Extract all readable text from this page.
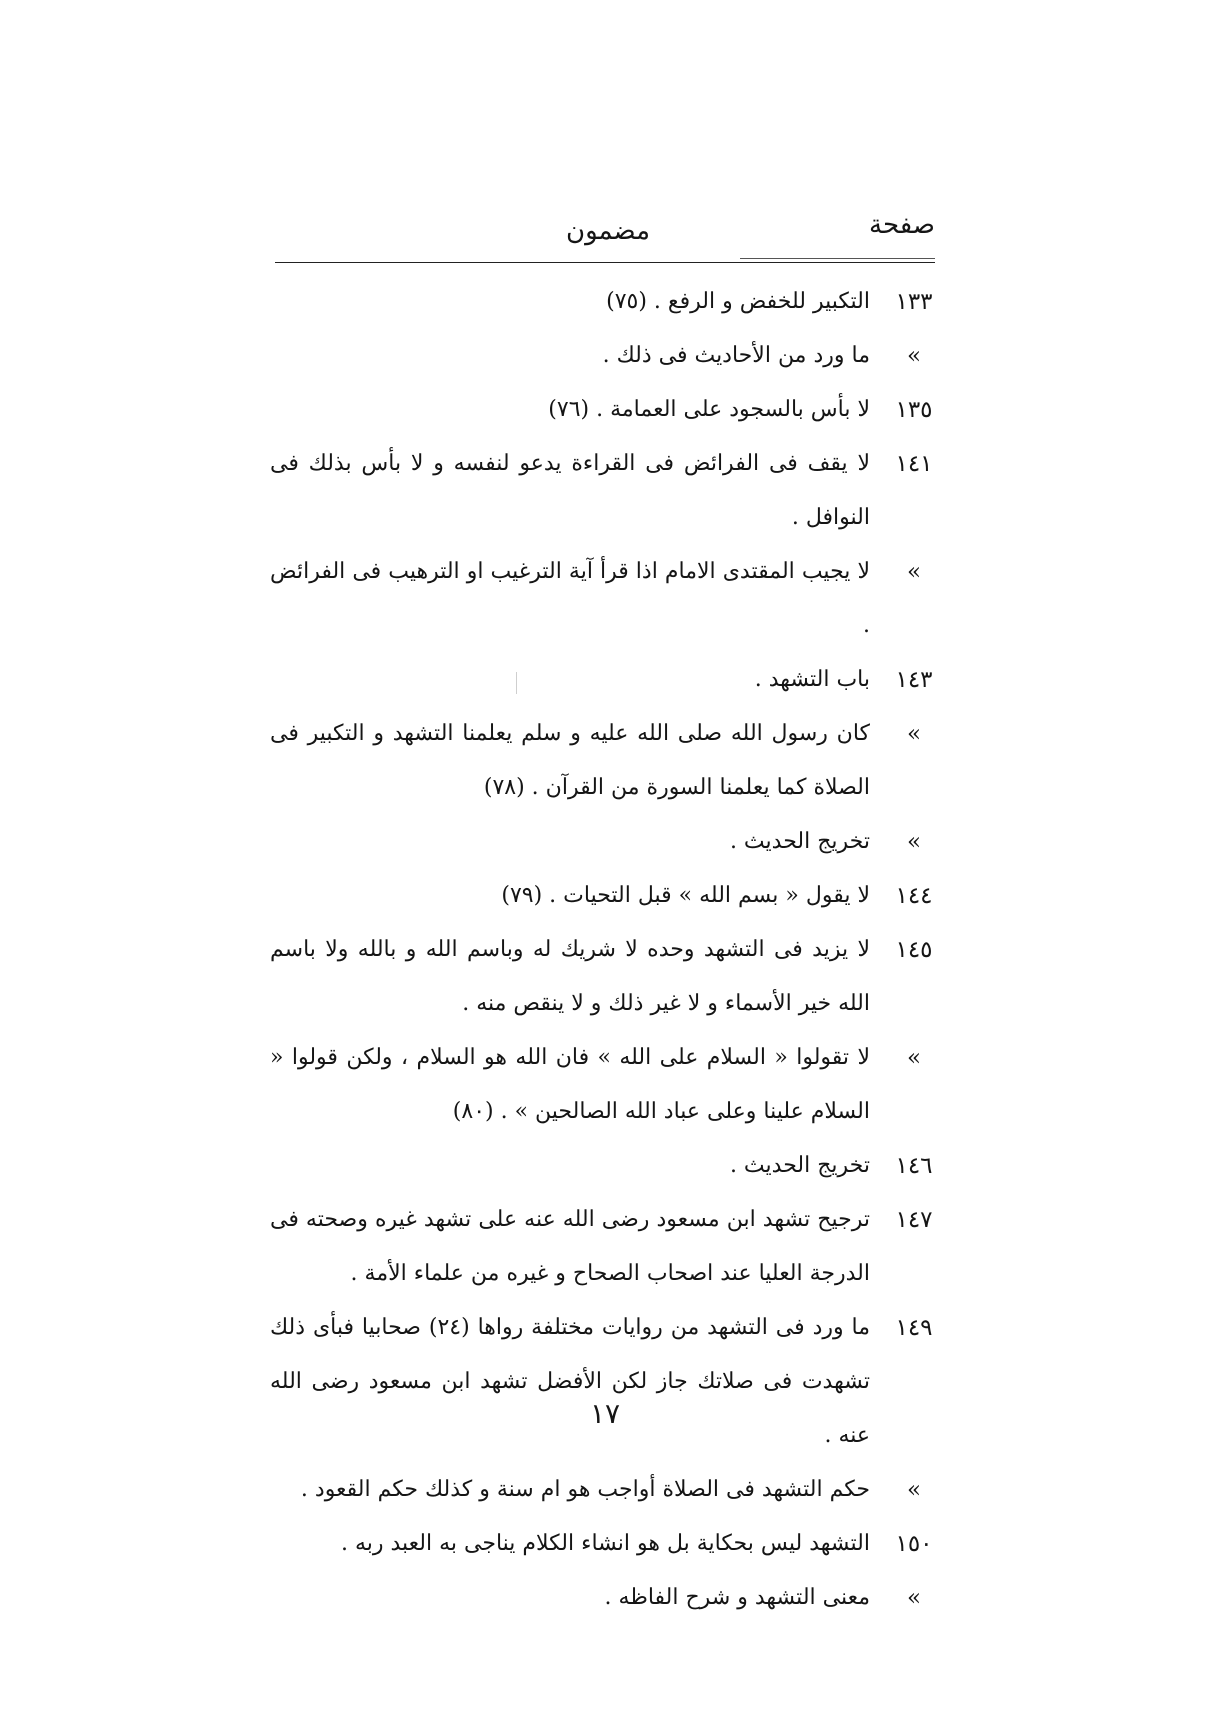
صفحة
مضمون
١٣٣
التكبير للخفض و الرفع . (٧٥)
»
ما ورد من الأحاديث فى ذلك .
١٣٥
لا بأس بالسجود على العمامة . (٧٦)
١٤١
لا يقف فى الفرائض فى القراءة يدعو لنفسه و لا بأس بذلك فى النوافل .
»
لا يجيب المقتدى الامام اذا قرأ آية الترغيب او الترهيب فى الفرائض .
١٤٣
باب التشهد .
»
كان رسول الله صلى الله عليه و سلم يعلمنا التشهد و التكبير فى الصلاة كما يعلمنا السورة من القرآن . (٧٨)
»
تخريج الحديث .
١٤٤
لا يقول « بسم الله » قبل التحيات . (٧٩)
١٤٥
لا يزيد فى التشهد وحده لا شريك له وباسم الله و بالله ولا باسم الله خير الأسماء و لا غير ذلك و لا ينقص منه .
»
لا تقولوا « السلام على الله » فان الله هو السلام ، ولكن قولوا « السلام علينا وعلى عباد الله الصالحين » . (٨٠)
١٤٦
تخريج الحديث .
١٤٧
ترجيح تشهد ابن مسعود رضى الله عنه على تشهد غيره وصحته فى الدرجة العليا عند اصحاب الصحاح و غيره من علماء الأمة .
١٤٩
ما ورد فى التشهد من روايات مختلفة رواها (٢٤) صحابيا فبأى ذلك تشهدت فى صلاتك جاز لكن الأفضل تشهد ابن مسعود رضى الله عنه .
»
حكم التشهد فى الصلاة أواجب هو ام سنة و كذلك حكم القعود .
١٥٠
التشهد ليس بحكاية بل هو انشاء الكلام يناجى به العبد ربه .
»
معنى التشهد و شرح الفاظه .
١٧
